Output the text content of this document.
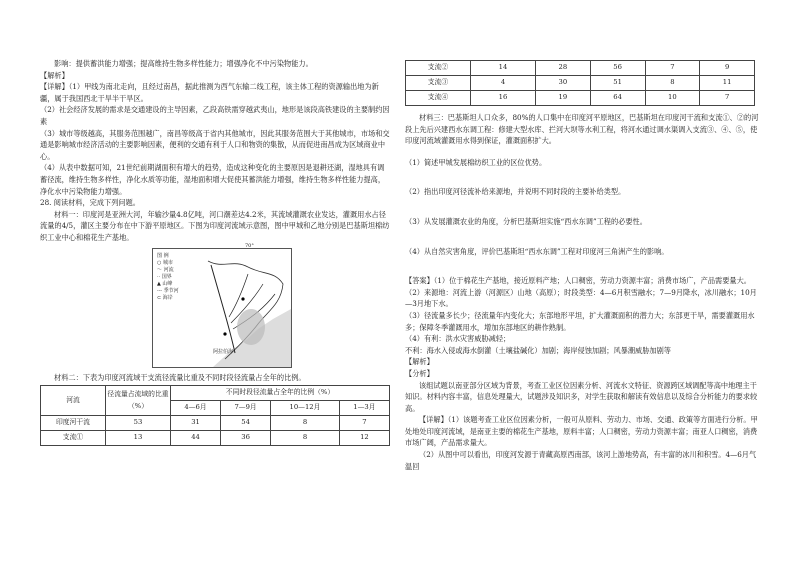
影响：提供蓄洪能力增强；提高维持生物多样性能力；增强净化不中污染物能力。

【解析】

【详解】（1）甲线为南北走向，且经过南昌，据此推测为西气东输二线工程，该主体工程的资源输出地为新疆，属于我国西北干旱半干旱区。

（2）社会经济发展的需求是交通建设的主导因素，乙段高铁需穿越武夷山，地形是该段高铁建设的主要制约因素

（3）城市等级越高，其服务范围越广，南昌等级高于省内其他城市，因此其服务范围大于其他城市，市场和交通是影响城市经济活动的主要影响因素，便利的交通有利于人口和物资的集散，从而促进南昌成为区域商业中心。

（4）从表中数据可知，21世纪前期湖面积有增大的趋势，造成这种变化的主要原因是退耕还湖，湿地具有调蓄径流，维持生物多样性，净化水质等功能，湿地面积增大促使其蓄洪能力增强，维持生物多样性能力提高，净化水中污染物能力增强。

28. 阅读材料，完成下列问题。

材料一：印度河是亚洲大河，年输沙量4.8亿吨，河口潮差达4.2米，其流域灌溉农业发达，灌溉用水占径流量的4/5，灌区主要分布在中下游平原地区。下图为印度河流域示意图，图中甲城和乙地分别是巴基斯坦棉纺织工业中心和棉花生产基地。

图 例
○ 城市
～ 河流
·· 国界
▲ 山峰
--- 季节河
⊂ 海岸
70°
阿拉伯海

材料二：下表为印度河流域干支流径流量比重及不同时段径流量占全年的比例。

河流	径流量占流域的比重（%）	不同时段径流量占全年的比例（%）			
		4—6月	7—9月	10—12月	1—3月
印度河干流	53	31	54	8	7
支流①	13	44	36	8	12
支流②	14	28	56	7	9
支流③	4	30	51	8	11
支流④	16	19	64	10	7

材料三：巴基斯坦人口众多，80%的人口集中在印度河平原地区，巴基斯坦在印度河干流和支流①、②的河段上先后兴建西水东调工程：修建大型水库、拦河大坝等水利工程，将河水通过调水渠调入支流③、④、⑤，使印度河流域灌溉用水得到保证，灌溉面积扩大。

（1）简述甲城发展棉纺织工业的区位优势。

（2）指出印度河径流补给来源地，并说明不同时段的主要补给类型。

（3）从发展灌溉农业的角度，分析巴基斯坦实施“西水东调”工程的必要性。

（4）从自然灾害角度，评价巴基斯坦“西水东调”工程对印度河三角洲产生的影响。

【答案】（1）位于棉花生产基地，接近原料产地；人口稠密，劳动力资源丰富；消费市场广，产品需要量大。

（2）来源地：河流上游（河源区）山地（高原）；时段类型：4—6月积雪融水；7—9月降水，冰川融水；10月—3月地下水。

（3）径流量多长少；径流量年内变化大；东部地形平坦，扩大灌溉面积的潜力大；东部更干旱，需要灌溉用水多；保障冬季灌溉用水，增加东部地区的耕作熟制。

（4）有利：洪水灾害威胁减轻；

不利：海水入侵或海水倒灌（土壤盐碱化）加剧；海岸侵蚀加剧；风暴潮威胁加剧等

【解析】

【分析】

该组试题以南亚部分区域为背景，考查工业区位因素分析、河流水文特征、资源跨区域调配等高中地理主干知识。材料内容丰富，信息处理量大，试题涉及知识多，对学生获取和解读有效信息以及综合分析能力的要求较高。

【详解】（1）该题考查工业区位因素分析，一般可从原料、劳动力、市场、交通、政策等方面进行分析。甲处地处印度河流域，是南亚主要的棉花生产基地，原料丰富；人口稠密，劳动力资源丰富；南亚人口稠密，消费市场广阔，产品需求量大。

（2）从图中可以看出，印度河发源于青藏高原西南部，该河上游地势高，有丰富的冰川和积雪。4—6月气温回
